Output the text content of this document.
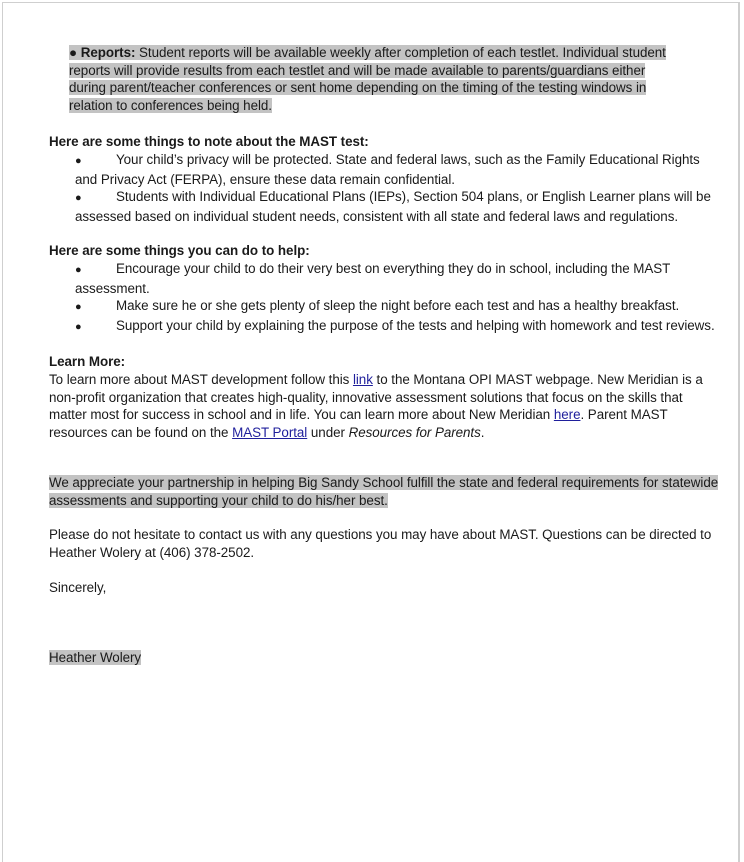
● Reports: Student reports will be available weekly after completion of each testlet. Individual student reports will provide results from each testlet and will be made available to parents/guardians either during parent/teacher conferences or sent home depending on the timing of the testing windows in relation to conferences being held.

Here are some things to note about the MAST test:

●	Your child’s privacy will be protected. State and federal laws, such as the Family Educational Rights and Privacy Act (FERPA), ensure these data remain confidential.
●	Students with Individual Educational Plans (IEPs), Section 504 plans, or English Learner plans will be assessed based on individual student needs, consistent with all state and federal laws and regulations.

Here are some things you can do to help:

●	Encourage your child to do their very best on everything they do in school, including the MAST assessment.
●	Make sure he or she gets plenty of sleep the night before each test and has a healthy breakfast.
●	Support your child by explaining the purpose of the tests and helping with homework and test reviews.

Learn More:

To learn more about MAST development follow this link to the Montana OPI MAST webpage. New Meridian is a non-profit organization that creates high-quality, innovative assessment solutions that focus on the skills that matter most for success in school and in life. You can learn more about New Meridian here. Parent MAST resources can be found on the MAST Portal under Resources for Parents.

We appreciate your partnership in helping Big Sandy School fulfill the state and federal requirements for statewide assessments and supporting your child to do his/her best.

Please do not hesitate to contact us with any questions you may have about MAST. Questions can be directed to Heather Wolery at (406) 378-2502.

Sincerely,

Heather Wolery
